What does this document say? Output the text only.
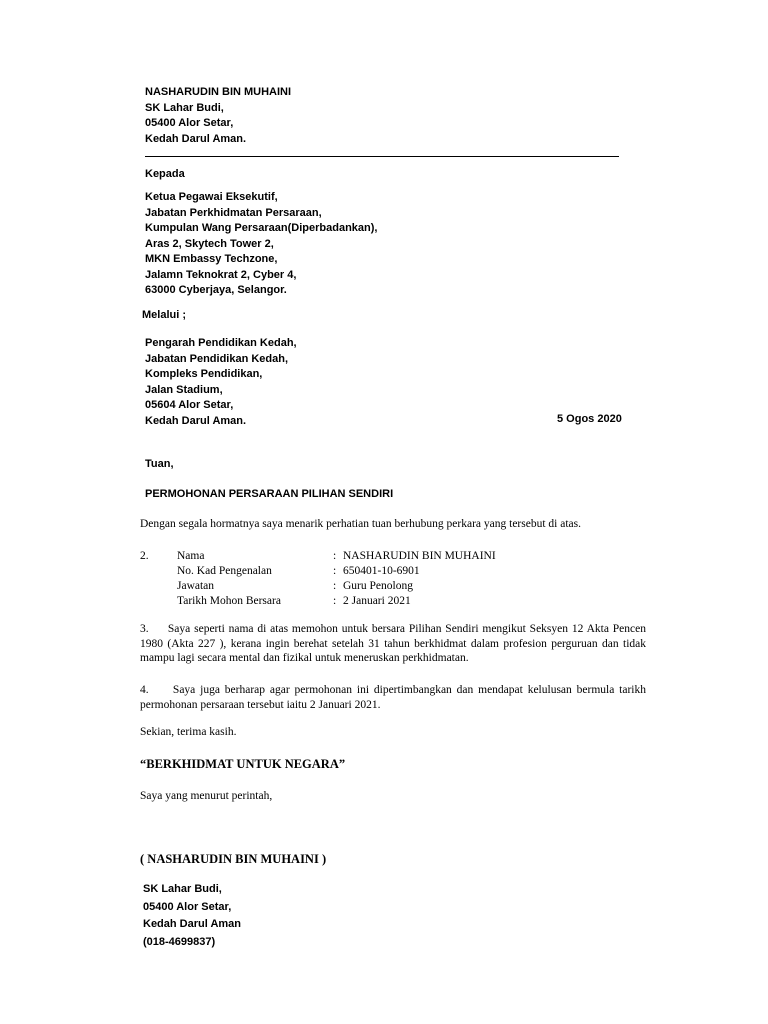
NASHARUDIN BIN MUHAINI
SK Lahar Budi,
05400 Alor Setar,
Kedah Darul Aman.
Kepada
Ketua Pegawai Eksekutif,
Jabatan Perkhidmatan Persaraan,
Kumpulan Wang Persaraan(Diperbadankan),
Aras 2, Skytech Tower 2,
MKN Embassy Techzone,
Jalamn Teknokrat 2, Cyber 4,
63000 Cyberjaya, Selangor.
Melalui ;
Pengarah Pendidikan Kedah,
Jabatan Pendidikan Kedah,
Kompleks Pendidikan,
Jalan Stadium,
05604 Alor Setar,
Kedah Darul Aman.	5 Ogos 2020
Tuan,
PERMOHONAN PERSARAAN PILIHAN SENDIRI
Dengan segala hormatnya saya menarik perhatian tuan berhubung perkara yang tersebut di atas.
2. Nama	: NASHARUDIN BIN MUHAINI
No. Kad Pengenalan	: 650401-10-6901
Jawatan	: Guru Penolong
Tarikh Mohon Bersara	: 2 Januari 2021
3.     Saya seperti nama di atas memohon untuk bersara Pilihan Sendiri mengikut Seksyen 12 Akta Pencen 1980 (Akta 227 ), kerana ingin berehat setelah 31 tahun berkhidmat dalam profesion perguruan dan tidak mampu lagi secara mental dan fizikal untuk meneruskan perkhidmatan.
4.     Saya juga berharap agar permohonan ini dipertimbangkan dan mendapat kelulusan bermula tarikh permohonan persaraan tersebut iaitu 2 Januari 2021.
Sekian, terima kasih.
“BERKHIDMAT UNTUK NEGARA”
Saya yang menurut perintah,
( NASHARUDIN BIN MUHAINI )
SK Lahar Budi,
05400 Alor Setar,
Kedah Darul Aman
(018-4699837)
